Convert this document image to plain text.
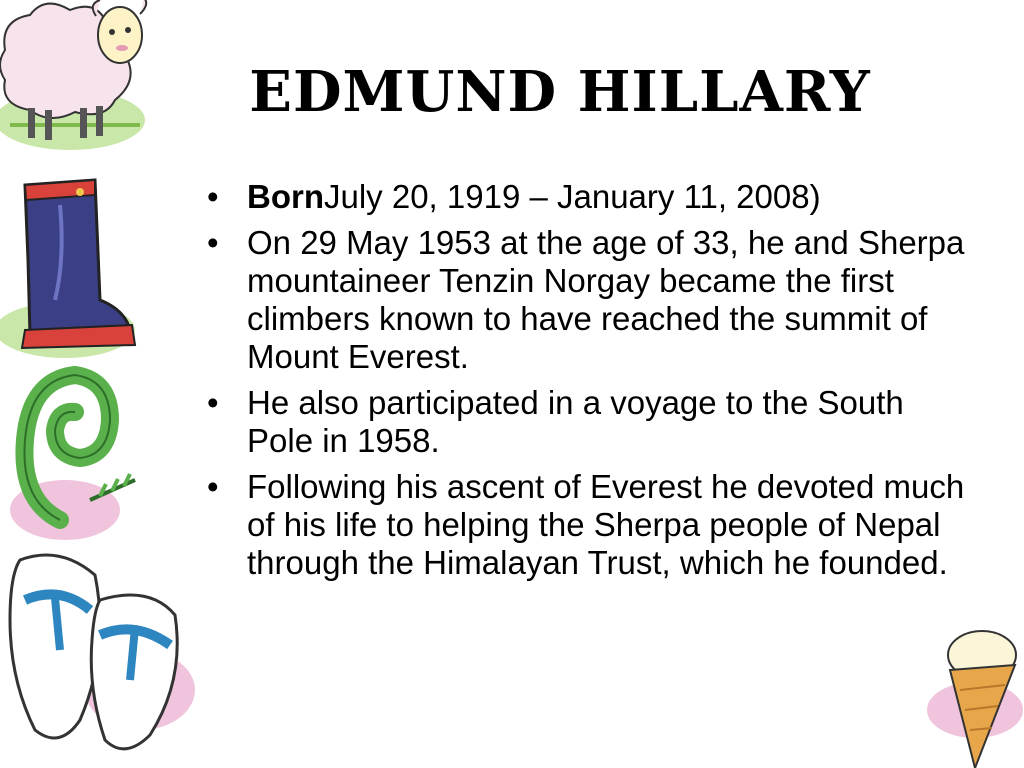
EDMUND HILLARY
• BornJuly 20, 1919 – January 11, 2008)
• On 29 May 1953 at the age of 33, he and Sherpa mountaineer Tenzin Norgay became the first climbers known to have reached the summit of Mount Everest.
• He also participated in a voyage to the South Pole in 1958.
• Following his ascent of Everest he devoted much of his life to helping the Sherpa people of Nepal through the Himalayan Trust, which he founded.
